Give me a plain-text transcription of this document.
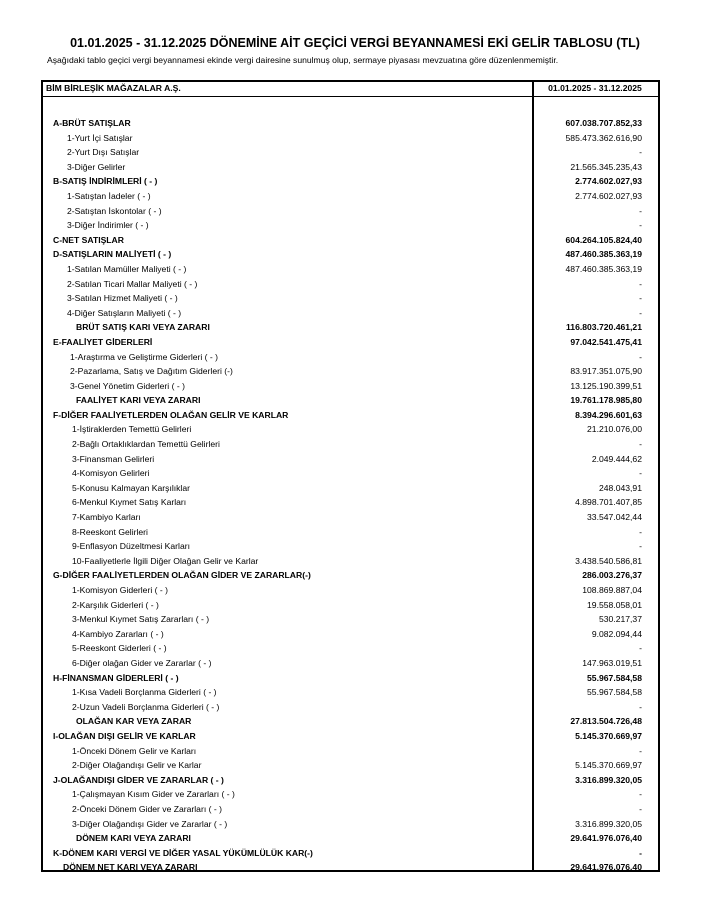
01.01.2025 - 31.12.2025 DÖNEMİNE AİT GEÇİCİ VERGİ BEYANNAMESİ EKİ GELİR TABLOSU (TL)
Aşağıdaki tablo geçici vergi beyannamesi ekinde vergi dairesine sunulmuş olup, sermaye piyasası mevzuatına göre düzenlenmemiştir.
BİM BİRLEŞİK MAĞAZALAR A.Ş.	01.01.2025 - 31.12.2025
A-BRÜT SATIŞLAR	607.038.707.852,33
1-Yurt İçi Satışlar	585.473.362.616,90
2-Yurt Dışı Satışlar	-
3-Diğer Gelirler	21.565.345.235,43
B-SATIŞ İNDİRİMLERİ ( - )	2.774.602.027,93
1-Satıştan İadeler ( - )	2.774.602.027,93
2-Satıştan İskontolar ( - )	-
3-Diğer İndirimler ( - )	-
C-NET SATIŞLAR	604.264.105.824,40
D-SATIŞLARIN MALİYETİ ( - )	487.460.385.363,19
1-Satılan Mamüller Maliyeti ( - )	487.460.385.363,19
2-Satılan Ticari Mallar Maliyeti ( - )	-
3-Satılan Hizmet Maliyeti ( - )	-
4-Diğer Satışların Maliyeti ( - )	-
BRÜT SATIŞ KARI VEYA ZARARI	116.803.720.461,21
E-FAALİYET GİDERLERİ	97.042.541.475,41
1-Araştırma ve Geliştirme Giderleri ( - )	-
2-Pazarlama, Satış ve Dağıtım Giderleri (-)	83.917.351.075,90
3-Genel Yönetim Giderleri ( - )	13.125.190.399,51
FAALİYET KARI VEYA ZARARI	19.761.178.985,80
F-DİĞER FAALİYETLERDEN OLAĞAN GELİR VE KARLAR	8.394.296.601,63
1-İştiraklerden Temettü Gelirleri	21.210.076,00
2-Bağlı Ortaklıklardan Temettü Gelirleri	-
3-Finansman Gelirleri	2.049.444,62
4-Komisyon Gelirleri	-
5-Konusu Kalmayan Karşılıklar	248.043,91
6-Menkul Kıymet Satış Karları	4.898.701.407,85
7-Kambiyo Karları	33.547.042,44
8-Reeskont Gelirleri	-
9-Enflasyon Düzeltmesi Karları	-
10-Faaliyetlerle İlgili Diğer Olağan Gelir ve Karlar	3.438.540.586,81
G-DİĞER FAALİYETLERDEN OLAĞAN GİDER VE ZARARLAR(-)	286.003.276,37
1-Komisyon Giderleri ( - )	108.869.887,04
2-Karşılık Giderleri ( - )	19.558.058,01
3-Menkul Kıymet Satış Zararları ( - )	530.217,37
4-Kambiyo Zararları ( - )	9.082.094,44
5-Reeskont Giderleri ( - )	-
6-Diğer olağan Gider ve Zararlar ( - )	147.963.019,51
H-FİNANSMAN GİDERLERİ ( - )	55.967.584,58
1-Kısa Vadeli Borçlanma Giderleri ( - )	55.967.584,58
2-Uzun Vadeli Borçlanma Giderleri ( - )	-
OLAĞAN KAR VEYA ZARAR	27.813.504.726,48
I-OLAĞAN DIŞI GELİR VE KARLAR	5.145.370.669,97
1-Önceki Dönem Gelir ve Karları	-
2-Diğer Olağandışı Gelir ve Karlar	5.145.370.669,97
J-OLAĞANDIŞI GİDER VE ZARARLAR ( - )	3.316.899.320,05
1-Çalışmayan Kısım Gider ve Zararları ( - )	-
2-Önceki Dönem Gider ve Zararları ( - )	-
3-Diğer Olağandışı Gider ve Zararlar ( - )	3.316.899.320,05
DÖNEM KARI VEYA ZARARI	29.641.976.076,40
K-DÖNEM KARI VERGİ VE DİĞER YASAL YÜKÜMLÜLÜK KAR(-)	-
DÖNEM NET KARI VEYA ZARARI	29.641.976.076,40
